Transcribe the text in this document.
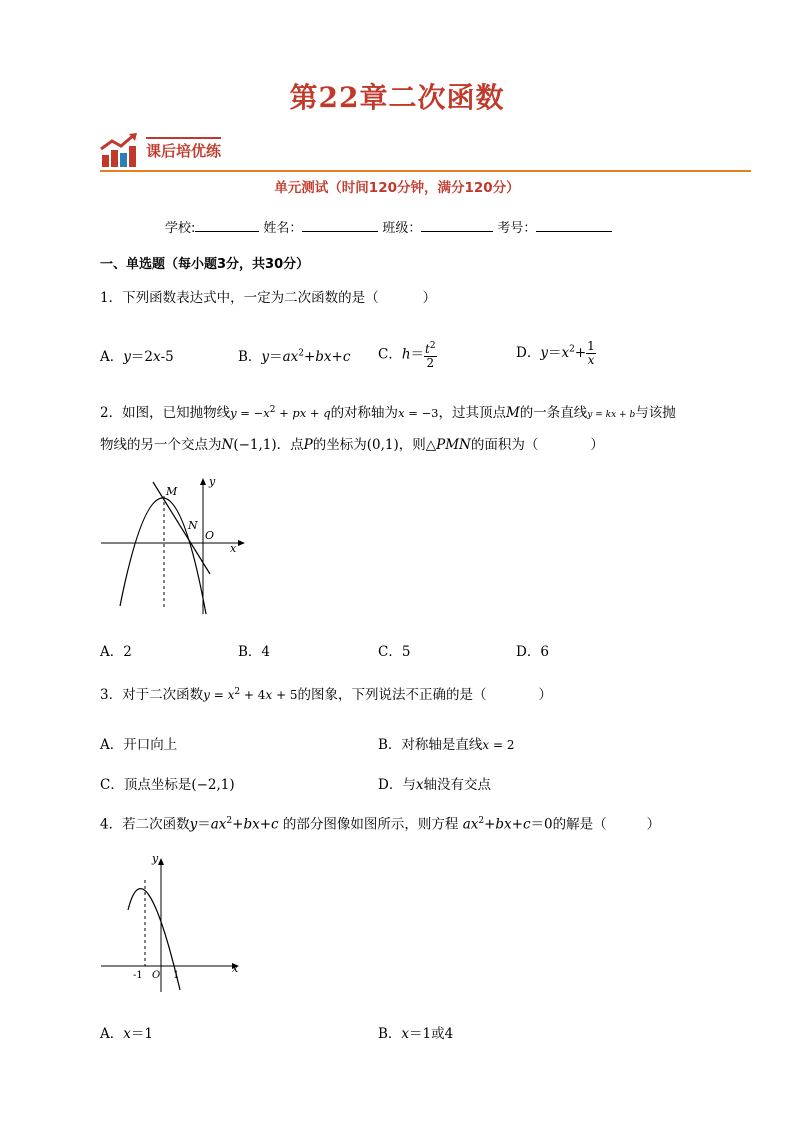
第22章二次函数
课后培优练
单元测试（时间120分钟，满分120分）
学校:	姓名：	班级：	考号：
一、单选题（每小题3分，共30分）
1．下列函数表达式中，一定为二次函数的是（	）
A．y＝2x-5	B．$y=ax^2+bx+c$ C．$h= \frac{t^2}{2}$	D．$y=x^2+ \frac{1}{x}$
2．如图，已知抛物线$y = -x^2$ + px + q的对称轴为x = −3，过其顶点M的一条直线y = kx + b与该抛
物线的另一个交点为N(−1,1)．点P的坐标为(0,1)，则△PMN的面积为（	）
M
N
O
x
y
A．2	B．4	C．5	D．6
3．对于二次函数$y = x^2 + 4x + 5$的图象，下列说法不正确的是（	）
A．开口向上	B．对称轴是直线x = 2
C．顶点坐标是(−2,1)	D．与x轴没有交点
4．若二次函数$y=ax^2+bx+c$ 的部分图像如图所示，则方程 $ax^2+bx+c=0$的解是（	）
-1 O 1
x
y
A．x＝1	B．x＝1或4
